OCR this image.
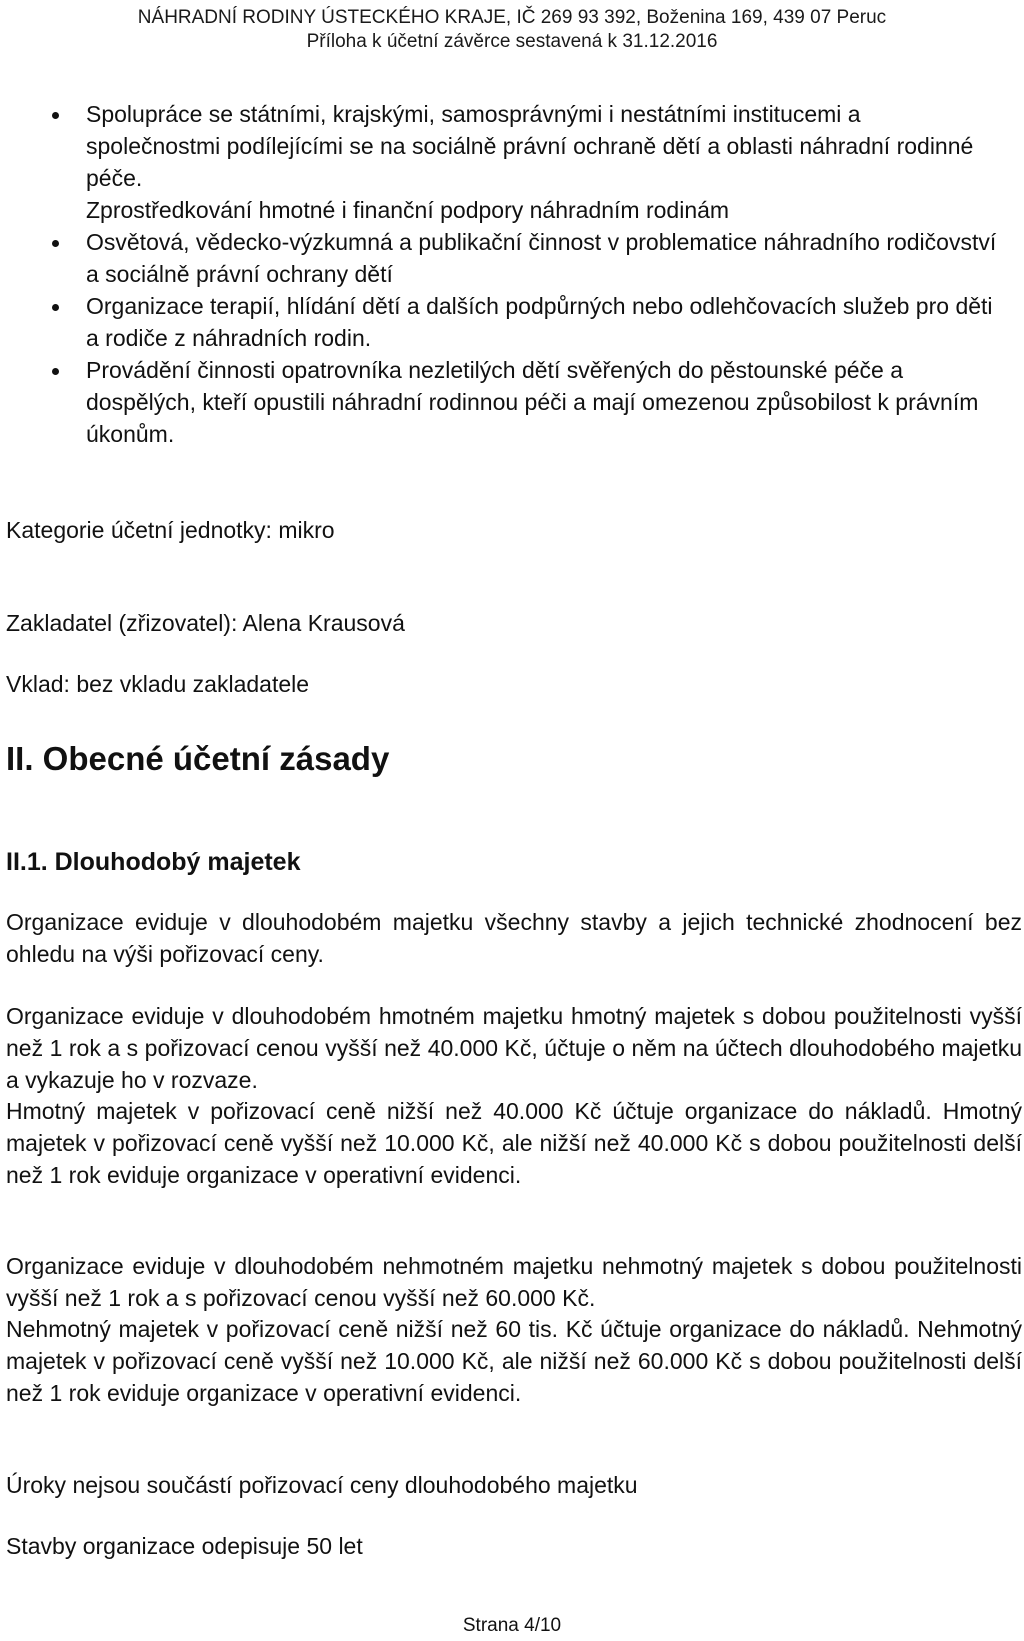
NÁHRADNÍ RODINY ÚSTECKÉHO KRAJE, IČ 269 93 392, Boženina 169, 439 07 Peruc
Příloha k účetní závěrce sestavená k 31.12.2016
Spolupráce se státními, krajskými, samosprávnými i nestátními institucemi a společnostmi podílejícími se na sociálně právní ochraně dětí a oblasti náhradní rodinné péče.
Zprostředkování hmotné i finanční podpory náhradním rodinám
Osvětová, vědecko-výzkumná a publikační činnost v problematice náhradního rodičovství a sociálně právní ochrany dětí
Organizace terapií, hlídání dětí a dalších podpůrných nebo odlehčovacích služeb pro děti a rodiče z náhradních rodin.
Provádění činnosti opatrovníka nezletilých dětí svěřených do pěstounské péče a dospělých, kteří opustili náhradní rodinnou péči a mají omezenou způsobilost k právním úkonům.

Kategorie účetní jednotky: mikro

Zakladatel (zřizovatel): Alena Krausová

Vklad: bez vkladu zakladatele

II. Obecné účetní zásady
II.1. Dlouhodobý majetek

Organizace eviduje v dlouhodobém majetku všechny stavby a jejich technické zhodnocení bez ohledu na výši pořizovací ceny.

Organizace eviduje v dlouhodobém hmotném majetku hmotný majetek s dobou použitelnosti vyšší než 1 rok a s pořizovací cenou vyšší než 40.000 Kč, účtuje o něm na účtech dlouhodobého majetku a vykazuje ho v rozvaze.

Hmotný majetek v pořizovací ceně nižší než 40.000 Kč účtuje organizace do nákladů. Hmotný majetek v pořizovací ceně vyšší než 10.000 Kč, ale nižší než 40.000 Kč s dobou použitelnosti delší než 1 rok eviduje organizace v operativní evidenci.

Organizace eviduje v dlouhodobém nehmotném majetku nehmotný majetek s dobou použitelnosti vyšší než 1 rok a s pořizovací cenou vyšší než 60.000 Kč.

Nehmotný majetek v pořizovací ceně nižší než 60 tis. Kč účtuje organizace do nákladů. Nehmotný majetek v pořizovací ceně vyšší než 10.000 Kč, ale nižší než 60.000 Kč s dobou použitelnosti delší než 1 rok eviduje organizace v operativní evidenci.

Úroky nejsou součástí pořizovací ceny dlouhodobého majetku

Stavby organizace odepisuje 50 let

Strana 4/10
